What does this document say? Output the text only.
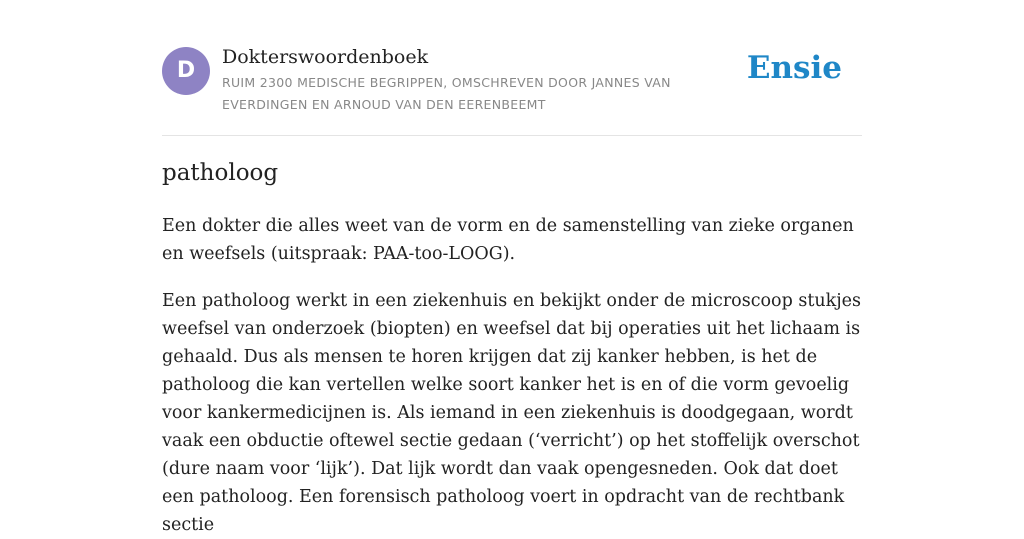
D
Dokterswoordenboek
RUIM 2300 MEDISCHE BEGRIPPEN, OMSCHREVEN DOOR JANNES VAN EVERDINGEN EN ARNOUD VAN DEN EERENBEEMT
Ensie
patholoog

Een dokter die alles weet van de vorm en de samenstelling van zieke organen en weefsels (uitspraak: PAA-too-LOOG).

Een patholoog werkt in een ziekenhuis en bekijkt onder de microscoop stukjes weefsel van onderzoek (biopten) en weefsel dat bij operaties uit het lichaam is gehaald. Dus als mensen te horen krijgen dat zij kanker hebben, is het de patholoog die kan vertellen welke soort kanker het is en of die vorm gevoelig voor kankermedicijnen is. Als iemand in een ziekenhuis is doodgegaan, wordt vaak een obductie oftewel sectie gedaan (‘verricht’) op het stoffelijk overschot (dure naam voor ‘lijk’). Dat lijk wordt dan vaak opengesneden. Ook dat doet een patholoog. Een forensisch patholoog voert in opdracht van de rechtbank sectie
